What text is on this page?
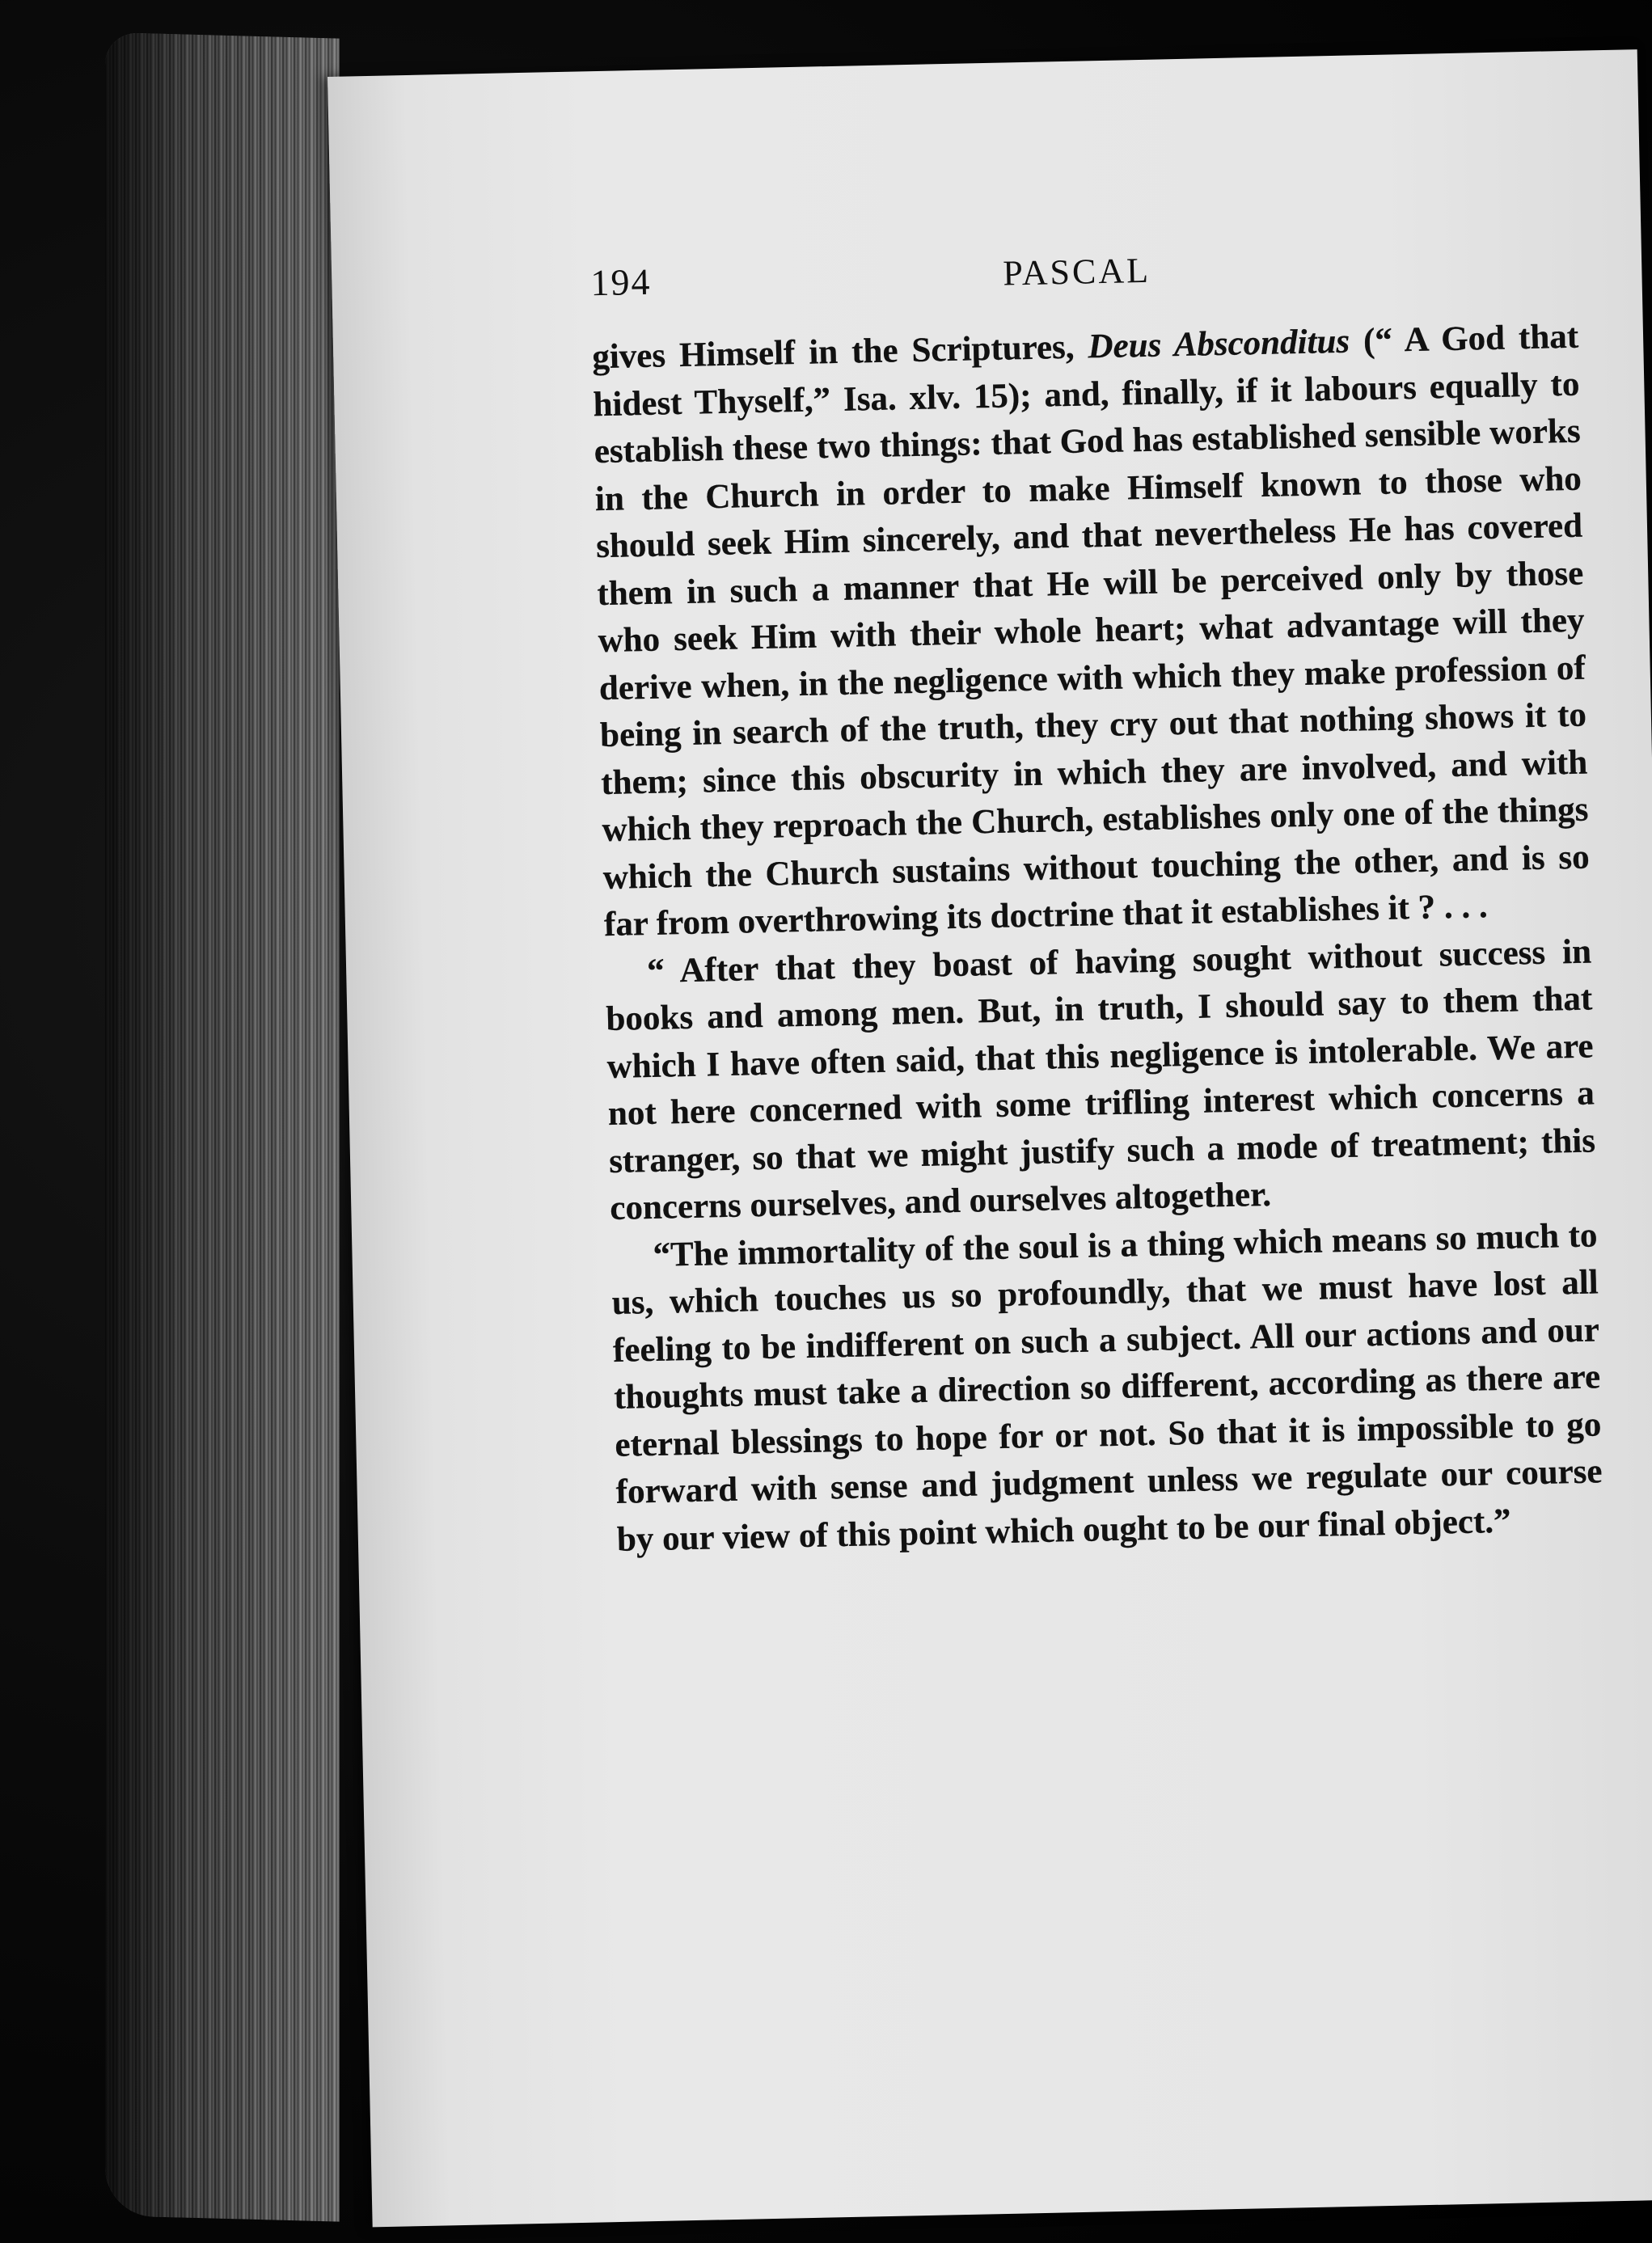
194	PASCAL

gives Himself in the Scriptures, Deus Absconditus (“ A God that hidest Thyself,” Isa. xlv. 15); and, finally, if it labours equally to establish these two things: that God has established sensible works in the Church in order to make Himself known to those who should seek Him sincerely, and that nevertheless He has covered them in such a manner that He will be perceived only by those who seek Him with their whole heart; what advantage will they derive when, in the negligence with which they make profession of being in search of the truth, they cry out that nothing shows it to them; since this obscurity in which they are involved, and with which they reproach the Church, establishes only one of the things which the Church sustains without touching the other, and is so far from overthrowing its doctrine that it establishes it ? . . .

“ After that they boast of having sought without success in books and among men. But, in truth, I should say to them that which I have often said, that this negligence is intolerable. We are not here concerned with some trifling interest which concerns a stranger, so that we might justify such a mode of treatment; this concerns ourselves, and ourselves altogether.

“The immortality of the soul is a thing which means so much to us, which touches us so profoundly, that we must have lost all feeling to be indifferent on such a subject. All our actions and our thoughts must take a direction so different, according as there are eternal blessings to hope for or not. So that it is impossible to go forward with sense and judgment unless we regulate our course by our view of this point which ought to be our final object.”
